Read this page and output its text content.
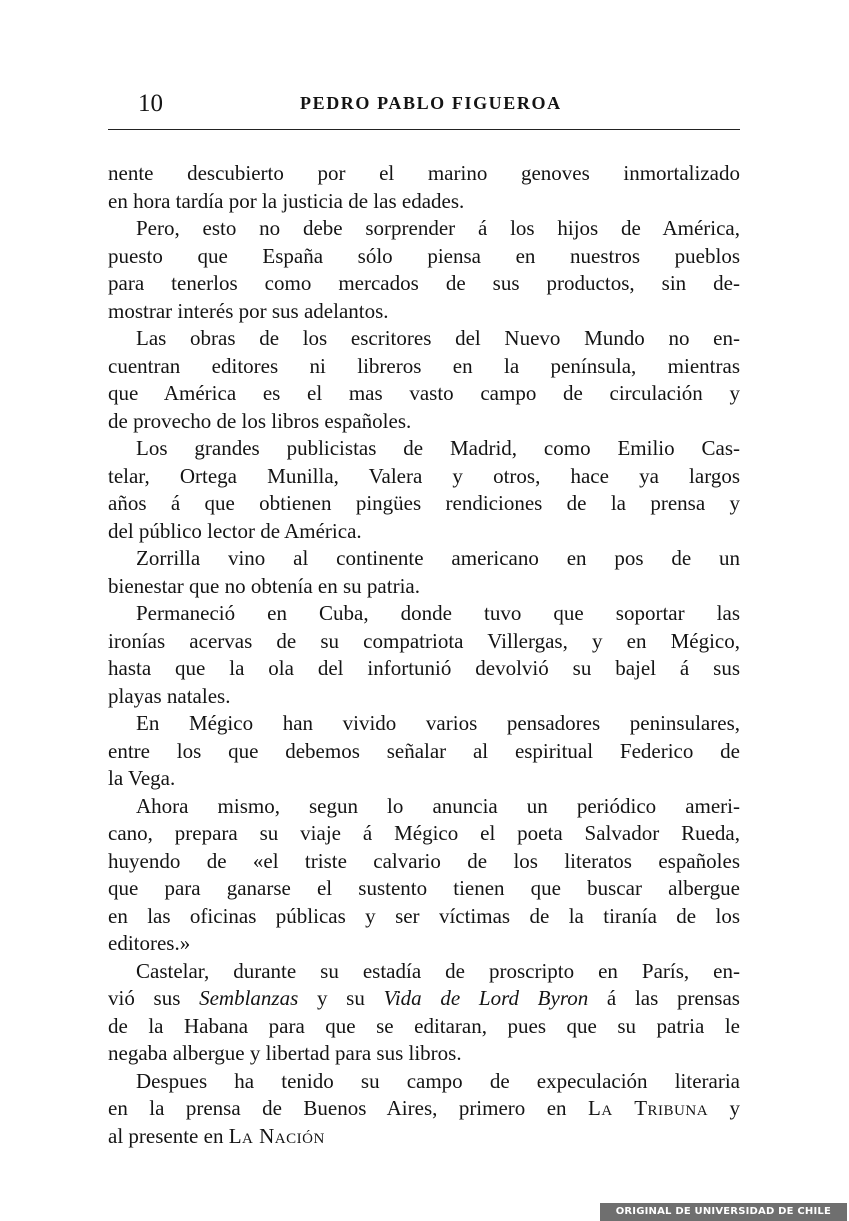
10	PEDRO PABLO FIGUEROA
nente descubierto por el marino genoves inmortalizado
en hora tardía por la justicia de las edades.
Pero, esto no debe sorprender á los hijos de América,
puesto que España sólo piensa en nuestros pueblos
para tenerlos como mercados de sus productos, sin de-
mostrar interés por sus adelantos.
Las obras de los escritores del Nuevo Mundo no en-
cuentran editores ni libreros en la península, mientras
que América es el mas vasto campo de circulación y
de provecho de los libros españoles.
Los grandes publicistas de Madrid, como Emilio Cas-
telar, Ortega Munilla, Valera y otros, hace ya largos
años á que obtienen pingües rendiciones de la prensa y
del público lector de América.
Zorrilla vino al continente americano en pos de un
bienestar que no obtenía en su patria.
Permaneció en Cuba, donde tuvo que soportar las
ironías acervas de su compatriota Villergas, y en Mégico,
hasta que la ola del infortunió devolvió su bajel á sus
playas natales.
En Mégico han vivido varios pensadores peninsulares,
entre los que debemos señalar al espiritual Federico de
la Vega.
Ahora mismo, segun lo anuncia un periódico ameri-
cano, prepara su viaje á Mégico el poeta Salvador Rueda,
huyendo de «el triste calvario de los literatos españoles
que para ganarse el sustento tienen que buscar albergue
en las oficinas públicas y ser víctimas de la tiranía de los
editores.»
Castelar, durante su estadía de proscripto en París, en-
vió sus Semblanzas y su Vida de Lord Byron á las prensas
de la Habana para que se editaran, pues que su patria le
negaba albergue y libertad para sus libros.
Despues ha tenido su campo de expeculación literaria
en la prensa de Buenos Aires, primero en La Tribuna y
al presente en La Nación
ORIGINAL DE UNIVERSIDAD DE CHILE
